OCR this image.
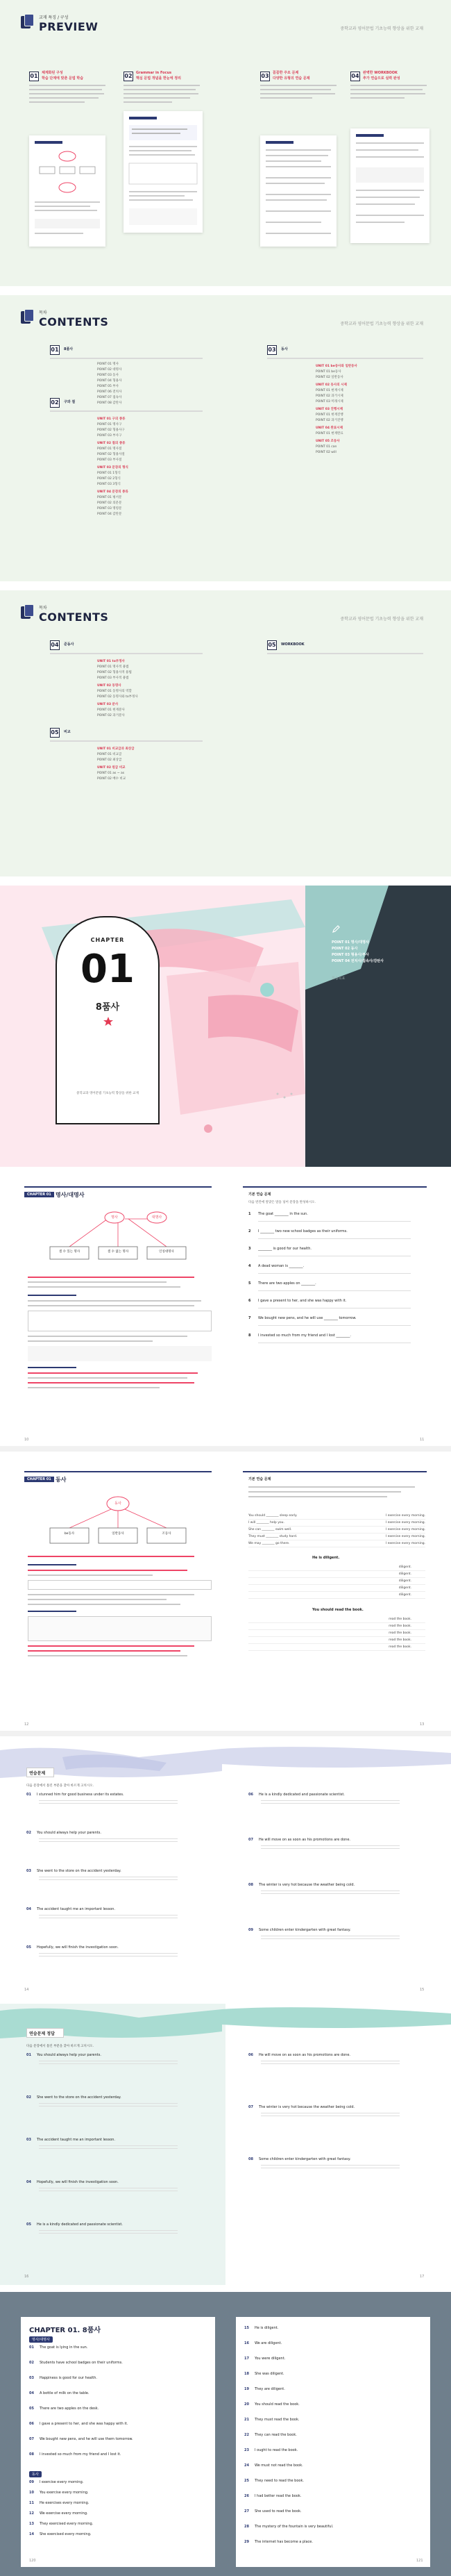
교재 특징 / 구성
PREVIEW	중학교과 영어문법 기초능력 향상을 위한 교재
01 체계화된 구성
학습 단계에 맞춘 문법 학습	02 Grammar in Focus
핵심 문법 개념을 한눈에 정리	03 꼼꼼한 주요 문제
다양한 유형의 연습 문제	04 완벽한 WORKBOOK
추가 연습으로 실력 완성
목차
CONTENTS	중학교과 영어문법 기초능력 향상을 위한 교재
01 8품사
POINT 01 명사
POINT 02 대명사
POINT 03 동사
POINT 04 형용사
POINT 05 부사
POINT 06 전치사
POINT 07 접속사
POINT 08 감탄사
02 구와 절
UNIT 01 구의 종류
POINT 01 명사구
POINT 02 형용사구
POINT 03 부사구
UNIT 02 절의 종류
POINT 01 명사절
POINT 02 형용사절
POINT 03 부사절
UNIT 03 문장의 형식
POINT 01 1형식
POINT 02 2형식
POINT 03 3형식
UNIT 04 문장의 종류
POINT 01 평서문
POINT 02 의문문
POINT 03 명령문
POINT 04 감탄문
03 동사
UNIT 01 be동사와 일반동사
POINT 01 be동사
POINT 02 일반동사
UNIT 02 동사의 시제
POINT 01 현재시제
POINT 02 과거시제
POINT 03 미래시제
UNIT 03 진행시제
POINT 01 현재진행
POINT 02 과거진행
UNIT 04 완료시제
POINT 01 현재완료
UNIT 05 조동사
POINT 01 can
POINT 02 will
목차
CONTENTS	중학교과 영어문법 기초능력 향상을 위한 교재
04 준동사
UNIT 01 to부정사
POINT 01 명사적 용법
POINT 02 형용사적 용법
POINT 03 부사적 용법
UNIT 02 동명사
POINT 01 동명사의 역할
POINT 02 동명사와 to부정사
UNIT 03 분사
POINT 01 현재분사
POINT 02 과거분사
05 WORKBOOK
05 비교
UNIT 01 비교급과 최상급
POINT 01 비교급
POINT 02 최상급
UNIT 02 원급 비교
POINT 01 as ~ as
POINT 02 배수 비교
CHAPTER
01
8품사
중학교과 영어문법 기초능력 향상을 위한 교재
POINT 01 명사/대명사
POINT 02 동사
POINT 03 형용사/부사
POINT 04 전치사/접속사/감탄사
학습목표
CHAPTER 01 명사/대명사
명사	대명사
셀 수 있는 명사	셀 수 없는 명사	인칭대명사
10
기본 연습 문제
다음 빈칸에 알맞은 말을 넣어 문장을 완성하시오.
1	The goat ________ in the sun.
2	I ________ two new school badges as their uniforms.
3	________ is good for our health.
4	A dead woman is ________.
5	There are two apples on ________.
6	I gave a present to her, and she was happy with it.
7	We bought new pens, and he will use ________ tomorrow.
8	I invested so much from my friend and I lost ________.
11
CHAPTER 01 동사
동사
be동사	일반동사	조동사
12
기본 연습 문제
You should ________ sleep early.	I exercise every morning.
I will ________ help you.	I exercise every morning.
She can ________ swim well.	I exercise every morning.
They must ________ study hard.	I exercise every morning.
We may ________ go there.	I exercise every morning.
He is diligent.
diligent.
diligent.
diligent.
diligent.
diligent.
You should read the book.
read the book.
read the book.
read the book.
read the book.
read the book.
13
연습문제
다음 문장에서 틀린 부분을 찾아 바르게 고치시오.
01 I stunned him for good business under its estates.
02 You should always help your parents.
03 She went to the store on the accident yesterday.
04 The accident taught me an important lesson.
05 Hopefully, we will finish the investigation soon.
14
06 He is a kindly dedicated and passionate scientist.
07 He will move on as soon as his promotions are done.
08 The winter is very hot because the weather being cold.
09 Some children enter kindergarten with great fantasy.
15
연습문제 정답
다음 문장에서 틀린 부분을 찾아 바르게 고치시오.
01 You should always help your parents.
02 She went to the store on the accident yesterday.
03 The accident taught me an important lesson.
04 Hopefully, we will finish the investigation soon.
05 He is a kindly dedicated and passionate scientist.
16
06 He will move on as soon as his promotions are done.
07 The winter is very hot because the weather being cold.
08 Some children enter kindergarten with great fantasy.
17
CHAPTER 01. 8품사
명사/대명사
01 The goat is lying in the sun.
02 Students have school badges on their uniforms.
03 Happiness is good for our health.
04 A bottle of milk on the table.
05 There are two apples on the desk.
06 I gave a present to her, and she was happy with it.
07 We bought new pens, and he will use them tomorrow.
08 I invested so much from my friend and I lost it.
동사
09 I exercise every morning.
10 You exercise every morning.
11 He exercises every morning.
12 We exercise every morning.
13 They exercised every morning.
14 She exercised every morning.
120
15 He is diligent.
16 We are diligent.
17 You were diligent.
18 She was diligent.
19 They are diligent.
20 You should read the book.
21 They must read the book.
22 They can read the book.
23 I ought to read the book.
24 We must not read the book.
25 They need to read the book.
26 I had better read the book.
27 She used to read the book.
28 The mystery of the fountain is very beautiful.
29 The internet has become a place.
121
